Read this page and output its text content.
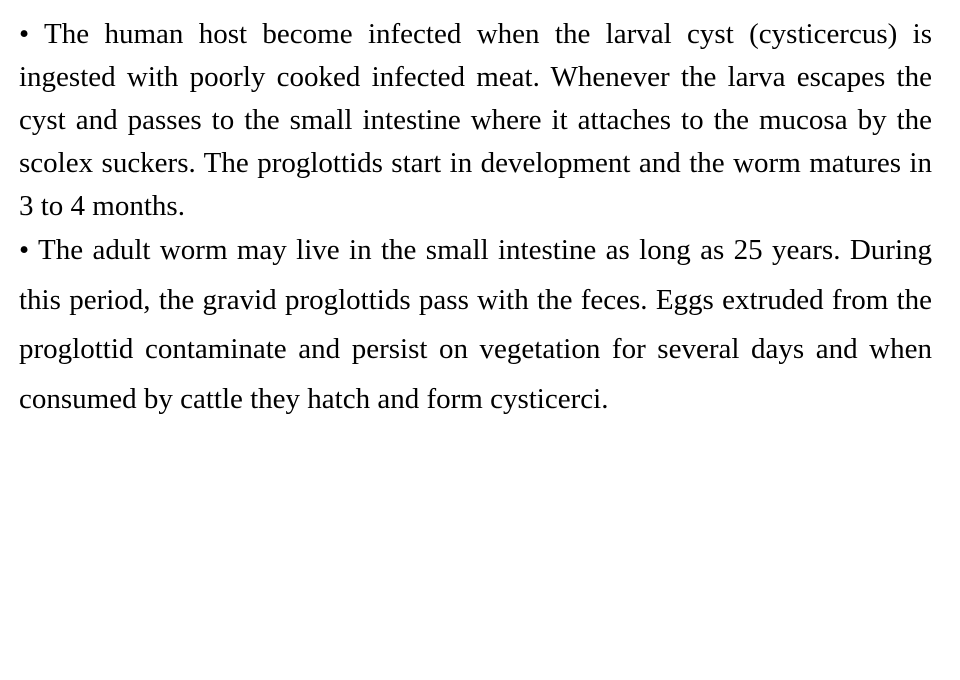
• The human host become infected when the larval cyst (cysticercus) is ingested with poorly cooked infected meat. Whenever the larva escapes the cyst and passes to the small intestine where it attaches to the mucosa by the scolex suckers. The proglottids start in development and the worm matures in 3 to 4 months.

• The adult worm may live in the small intestine as long as 25 years. During this period, the gravid proglottids pass with the feces. Eggs extruded from the proglottid contaminate and persist on vegetation for several days and when consumed by cattle they hatch and form cysticerci.
